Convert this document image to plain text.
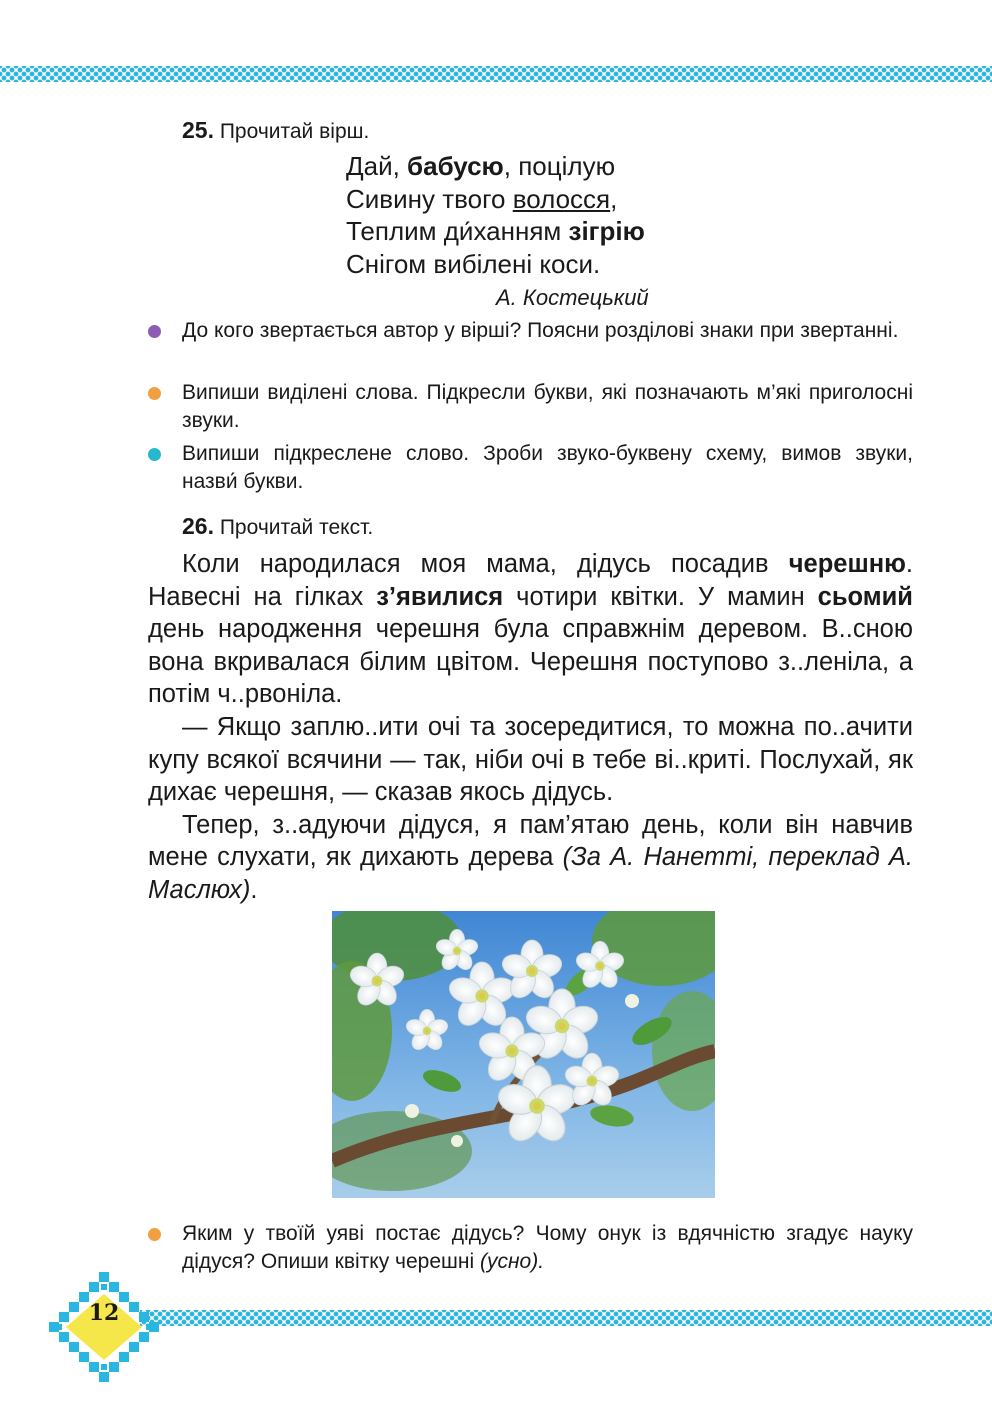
25. Прочитай вірш.
Дай, бабусю, поцілую
Сивину твого волосся,
Теплим ди́ханням зігрію
Снігом вибілені коси.
А. Костецький
До кого звертається автор у вірші? Поясни розділові знаки при звертанні.
Випиши виділені слова. Підкресли букви, які позначають м’які приголосні звуки.
Випиши підкреслене слово. Зроби звуко-буквену схему, вимов звуки, назви́ букви.
26. Прочитай текст.

Коли народилася моя мама, дідусь посадив черешню. Навесні на гілках з’явилися чотири квітки. У мамин сьомий день народження черешня була справжнім деревом. В..сною вона вкривалася білим цвітом. Черешня поступово з..леніла, а потім ч..рвоніла.

— Якщо заплю..ити очі та зосередитися, то можна по..ачити купу всякої всячини — так, ніби очі в тебе ві..криті. Послухай, як дихає черешня, — сказав якось дідусь.

Тепер, з..адуючи дідуся, я пам’ятаю день, коли він навчив мене слухати, як дихають дерева (За А. Нанетті, переклад А. Маслюх).

Яким у твоїй уяві постає дідусь? Чому онук із вдячністю згадує науку дідуся? Опиши квітку черешні (усно).
12
